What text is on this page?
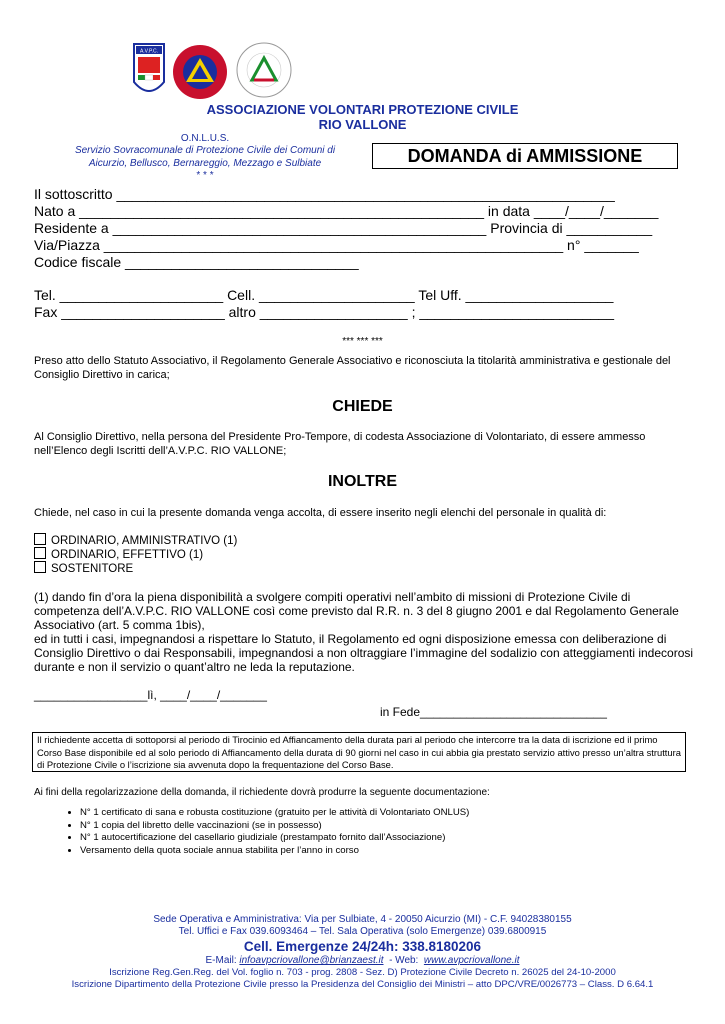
A.V.P.C.
ASSOCIAZIONE VOLONTARI PROTEZIONE CIVILE
RIO VALLONE
O.N.L.U.S.
Servizio Sovracomunale di Protezione Civile dei Comuni di
Aicurzio, Bellusco, Bernareggio, Mezzago e Sulbiate
* * *
DOMANDA di AMMISSIONE
Il sottoscritto ________________________________________________________________
Nato a ____________________________________________________ in data ____/____/_______
Residente a ________________________________________________ Provincia di ___________
Via/Piazza ___________________________________________________________ n° _______
Codice fiscale ______________________________
Tel. _____________________ Cell. ____________________ Tel Uff. ___________________
Fax _____________________ altro ___________________ ; _________________________
*** *** ***
Preso atto dello Statuto Associativo, il Regolamento Generale Associativo e riconosciuta la titolarità amministrativa e gestionale del Consiglio Direttivo in carica;
CHIEDE
Al Consiglio Direttivo, nella persona del Presidente Pro-Tempore, di codesta Associazione di Volontariato, di essere ammesso nell’Elenco degli Iscritti dell’A.V.P.C. RIO VALLONE;
INOLTRE
Chiede, nel caso in cui la presente domanda venga accolta, di essere inserito negli elenchi del personale in qualità di:
ORDINARIO, AMMINISTRATIVO (1)
ORDINARIO, EFFETTIVO (1)
SOSTENITORE
(1) dando fin d’ora la piena disponibilità a svolgere compiti operativi nell’ambito di missioni di Protezione Civile di competenza dell’A.V.P.C. RIO VALLONE così come previsto dal R.R. n. 3 del 8 giugno 2001 e dal Regolamento Generale Associativo (art. 5 comma 1bis),
ed in tutti i casi, impegnandosi a rispettare lo Statuto, il Regolamento ed ogni disposizione emessa con deliberazione di Consiglio Direttivo o dai Responsabili, impegnandosi a non oltraggiare l’immagine del sodalizio con atteggiamenti indecorosi durante e non il servizio o quant’altro ne leda la reputazione.
_________________lì, ____/____/_______
in Fede____________________________
Il richiedente accetta di sottoporsi al periodo di Tirocinio ed Affiancamento della durata pari al periodo che intercorre tra la data di iscrizione ed il primo Corso Base disponibile ed al solo periodo di Affiancamento della durata di 90 giorni nel caso in cui abbia gia prestato servizio attivo presso un’altra struttura di Protezione Civile o l’iscrizione sia avvenuta dopo la frequentazione del Corso Base.
Ai fini della regolarizzazione della domanda, il richiedente dovrà produrre la seguente documentazione:
• N° 1 certificato di sana e robusta costituzione (gratuito per le attività di Volontariato ONLUS)
• N° 1 copia del libretto delle vaccinazioni (se in possesso)
• N° 1 autocertificazione del casellario giudiziale (prestampato fornito dall’Associazione)
• Versamento della quota sociale annua stabilita per l’anno in corso
Sede Operativa e Amministrativa: Via per Sulbiate, 4 - 20050 Aicurzio (MI) - C.F. 94028380155
Tel. Uffici e Fax 039.6093464 – Tel. Sala Operativa (solo Emergenze) 039.6800915
Cell. Emergenze 24/24h: 338.8180206
E-Mail: infoavpcriovallone@brianzaest.it  - Web:  www.avpcriovallone.it
Iscrizione Reg.Gen.Reg. del Vol. foglio n. 703 - prog. 2808 - Sez. D) Protezione Civile Decreto n. 26025 del 24-10-2000
Iscrizione Dipartimento della Protezione Civile presso la Presidenza del Consiglio dei Ministri – atto DPC/VRE/0026773 – Class. D 6.64.1
